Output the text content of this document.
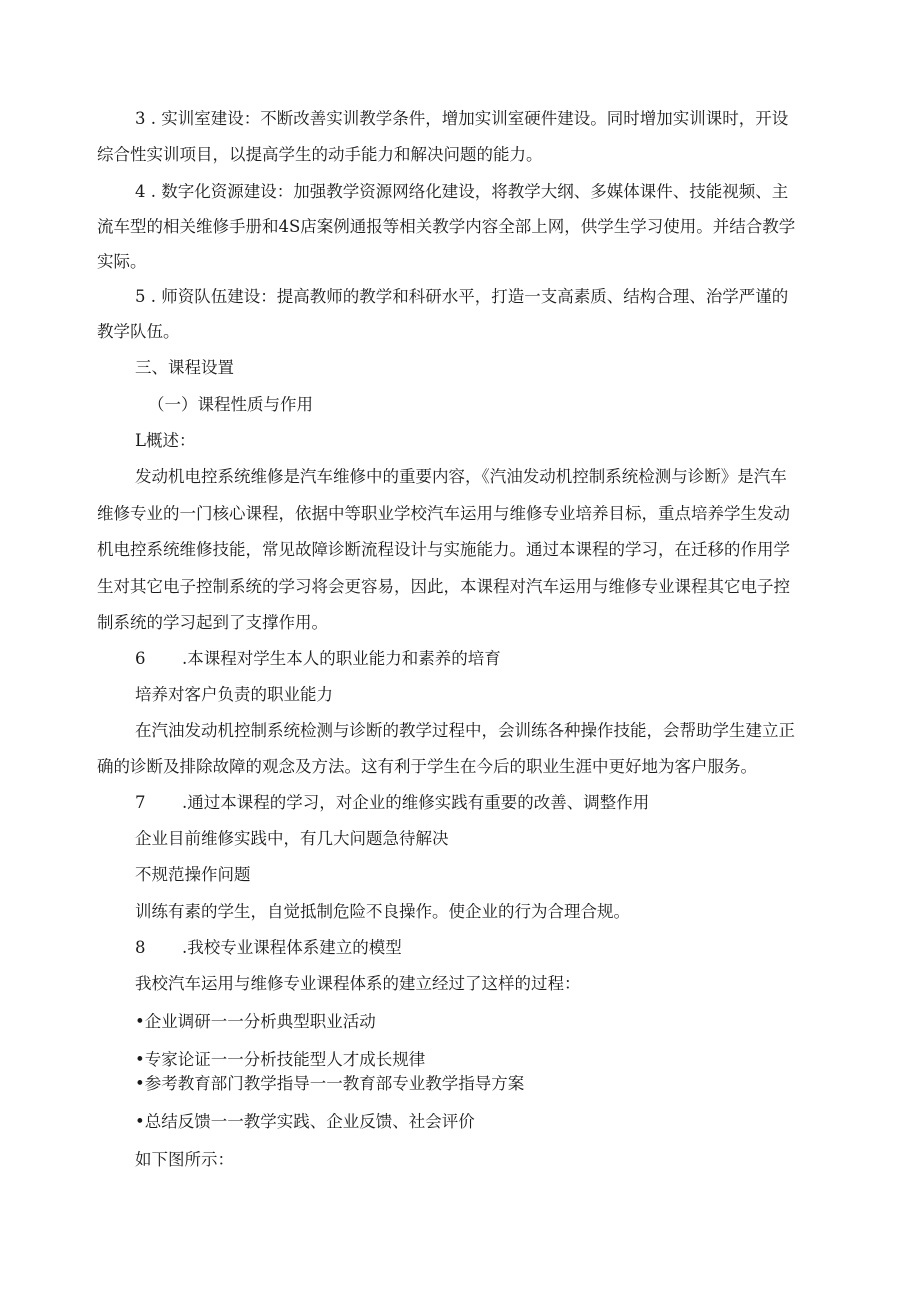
3 . 实训室建设：不断改善实训教学条件，增加实训室硬件建设。同时增加实训课时，开设
综合性实训项目，以提高学生的动手能力和解决问题的能力。
4 . 数字化资源建设：加强教学资源网络化建设，将教学大纲、多媒体课件、技能视频、主
流车型的相关维修手册和4S店案例通报等相关教学内容全部上网，供学生学习使用。并结合教学
实际。
5 . 师资队伍建设：提高教师的教学和科研水平，打造一支高素质、结构合理、治学严谨的
教学队伍。
三、课程设置
（一）课程性质与作用
L概述：
发动机电控系统维修是汽车维修中的重要内容，《汽油发动机控制系统检测与诊断》是汽车
维修专业的一门核心课程，依据中等职业学校汽车运用与维修专业培养目标，重点培养学生发动
机电控系统维修技能，常见故障诊断流程设计与实施能力。通过本课程的学习，在迁移的作用学
生对其它电子控制系统的学习将会更容易，因此，本课程对汽车运用与维修专业课程其它电子控
制系统的学习起到了支撑作用。
6 .本课程对学生本人的职业能力和素养的培育
培养对客户负责的职业能力
在汽油发动机控制系统检测与诊断的教学过程中，会训练各种操作技能，会帮助学生建立正
确的诊断及排除故障的观念及方法。这有利于学生在今后的职业生涯中更好地为客户服务。
7 .通过本课程的学习，对企业的维修实践有重要的改善、调整作用
企业目前维修实践中，有几大问题急待解决
不规范操作问题
训练有素的学生，自觉抵制危险不良操作。使企业的行为合理合规。
8 .我校专业课程体系建立的模型
我校汽车运用与维修专业课程体系的建立经过了这样的过程：
•企业调研一一分析典型职业活动
•专家论证一一分析技能型人才成长规律
•参考教育部门教学指导一一教育部专业教学指导方案
•总结反馈一一教学实践、企业反馈、社会评价
如下图所示：
